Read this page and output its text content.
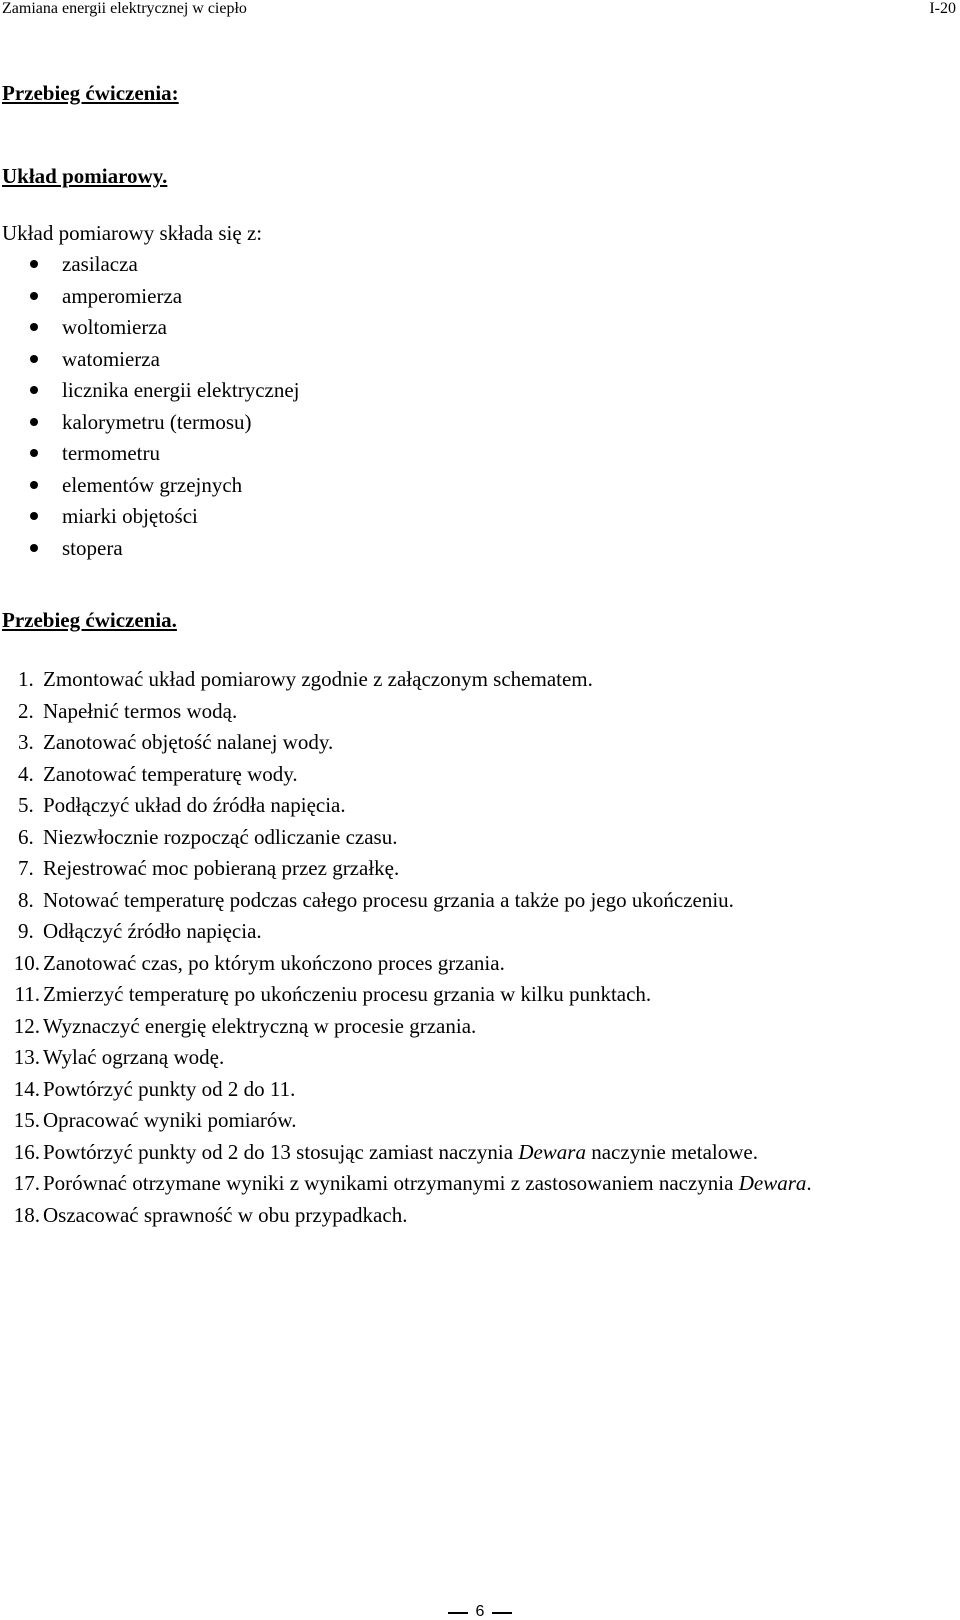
Zamiana energii elektrycznej w ciepło	I-20
Przebieg ćwiczenia:
Układ pomiarowy.

Układ pomiarowy składa się z:

zasilacza
amperomierza
woltomierza
watomierza
licznika energii elektrycznej
kalorymetru (termosu)
termometru
elementów grzejnych
miarki objętości
stopera
Przebieg ćwiczenia.
1. Zmontować układ pomiarowy zgodnie z załączonym schematem.
2. Napełnić termos wodą.
3. Zanotować objętość nalanej wody.
4. Zanotować temperaturę wody.
5. Podłączyć układ do źródła napięcia.
6. Niezwłocznie rozpocząć odliczanie czasu.
7. Rejestrować moc pobieraną przez grzałkę.
8. Notować temperaturę podczas całego procesu grzania a także po jego ukończeniu.
9. Odłączyć źródło napięcia.
10. Zanotować czas, po którym ukończono proces grzania.
11. Zmierzyć temperaturę po ukończeniu procesu grzania w kilku punktach.
12. Wyznaczyć energię elektryczną w procesie grzania.
13. Wylać ogrzaną wodę.
14. Powtórzyć punkty od 2 do 11.
15. Opracować wyniki pomiarów.
16. Powtórzyć punkty od 2 do 13 stosując zamiast naczynia Dewara naczynie metalowe.
17. Porównać otrzymane wyniki z wynikami otrzymanymi z zastosowaniem naczynia Dewara.
18. Oszacować sprawność w obu przypadkach.
6
